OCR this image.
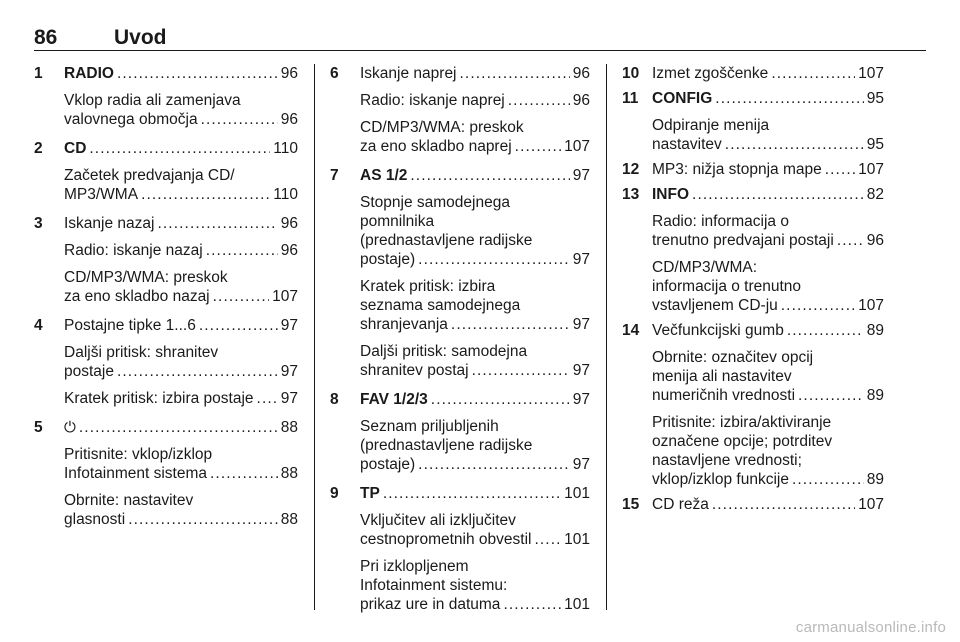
86	Uvod
1 RADIO . . .	96
Vklop radia ali zamenjava
valovnega območja . . .	96
2 CD . . .	110
Začetek predvajanja CD/
MP3/WMA . . .	110
3 Iskanje nazaj . . .	96
Radio: iskanje nazaj . . .	96
CD/MP3/WMA: preskok
za eno skladbo nazaj . . .	107
4 Postajne tipke 1...6 . . .	97
Daljši pritisk: shranitev
postaje . . .	97
Kratek pritisk: izbira postaje . . . 97
5 ⏻ . . .	88
Pritisnite: vklop/izklop
Infotainment sistema . . .	88
Obrnite: nastavitev
glasnosti . . .	88
6 Iskanje naprej . . .	96
Radio: iskanje naprej . . .	96
CD/MP3/WMA: preskok
za eno skladbo naprej . . .	107
7 AS 1/2 . . .	97
Stopnje samodejnega
pomnilnika
(prednastavljene radijske
postaje) . . .	97
Kratek pritisk: izbira
seznama samodejnega
shranjevanja . . .	97
Daljši pritisk: samodejna
shranitev postaj . . .	97
8 FAV 1/2/3 . . .	97
Seznam priljubljenih
(prednastavljene radijske
postaje) . . .	97
9 TP . . .	101
Vključitev ali izključitev
cestnoprometnih obvestil . . . 101
Pri izklopljenem
Infotainment sistemu:
prikaz ure in datuma . . .	101
10 Izmet zgoščenke . . .	107
11 CONFIG . . .	95
Odpiranje menija
nastavitev . . .	95
12 MP3: nižja stopnja mape . . . 107
13 INFO . . .	82
Radio: informacija o
trenutno predvajani postaji . . . 96
CD/MP3/WMA:
informacija o trenutno
vstavljenem CD-ju . . .	107
14 Večfunkcijski gumb . . .	89
Obrnite: označitev opcij
menija ali nastavitev
numeričnih vrednosti . . .	89
Pritisnite: izbira/aktiviranje
označene opcije; potrditev
nastavljene vrednosti;
vklop/izklop funkcije . . .	89
15 CD reža . . .	107
carmanualsonline.info
